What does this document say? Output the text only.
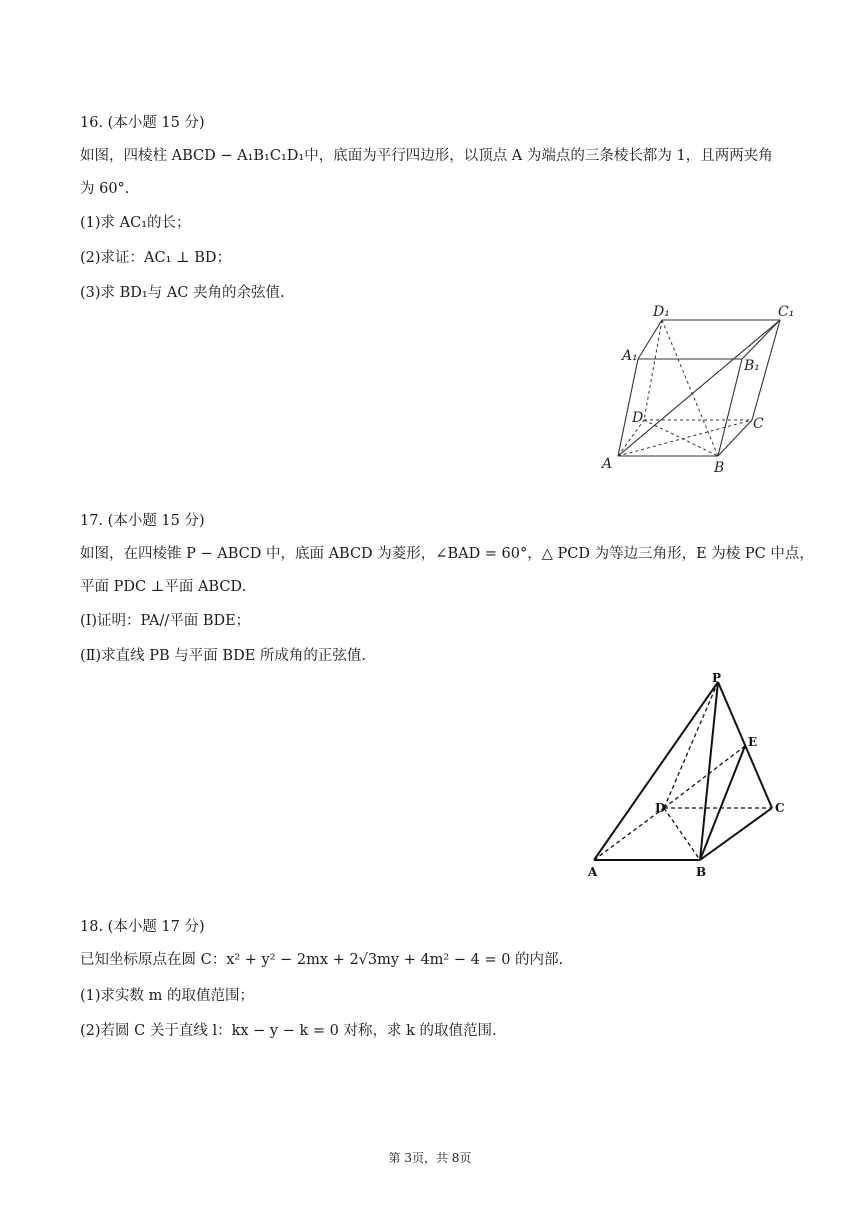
16. (本小题 15 分)
如图，四棱柱 ABCD − A₁B₁C₁D₁中，底面为平行四边形，以顶点 A 为端点的三条棱长都为 1，且两两夹角
为 60°.
(1)求 AC₁的长；
(2)求证：AC₁ ⊥ BD；
(3)求 BD₁与 AC 夹角的余弦值.
D₁	C₁
A₁
B₁
D	C
A	B
17. (本小题 15 分)
如图，在四棱锥 P − ABCD 中，底面 ABCD 为菱形，∠BAD = 60°，△ PCD 为等边三角形，E 为棱 PC 中点，
平面 PDC ⊥平面 ABCD.
(Ⅰ)证明：PA//平面 BDE；
(Ⅱ)求直线 PB 与平面 BDE 所成角的正弦值.
P
E
D	C
A	B
18. (本小题 17 分)
已知坐标原点在圆 C：x² + y² − 2mx + 2√3my + 4m² − 4 = 0 的内部.
(1)求实数 m 的取值范围；
(2)若圆 C 关于直线 l：kx − y − k = 0 对称，求 k 的取值范围.
第 3页，共 8页
